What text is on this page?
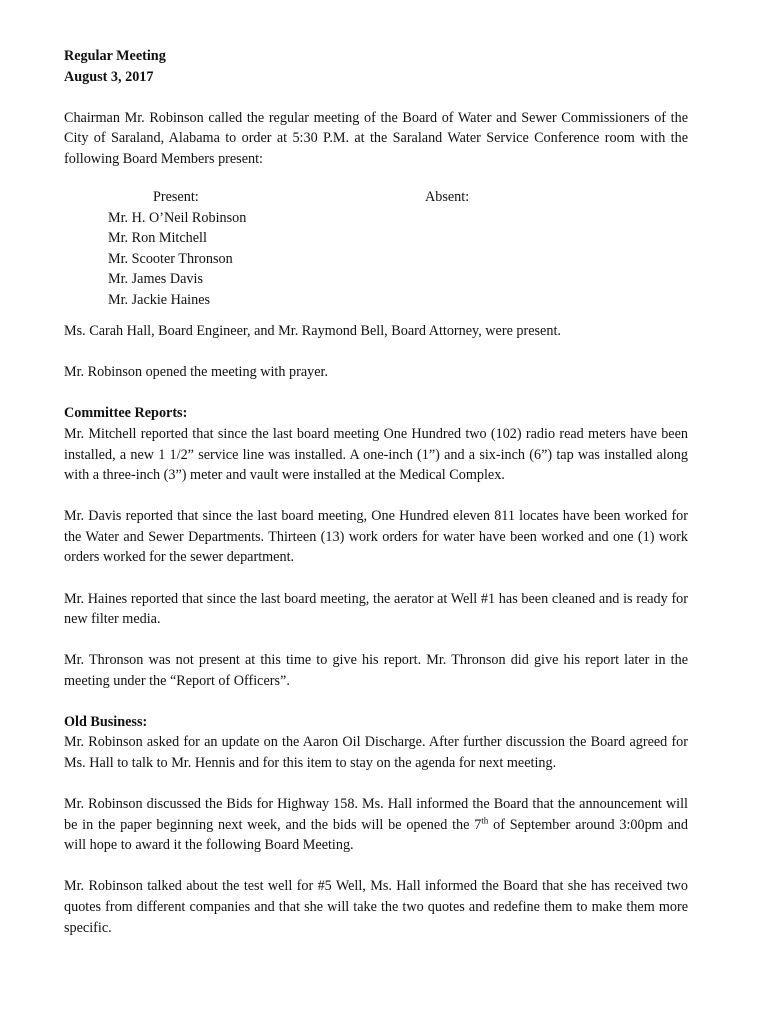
Regular Meeting
August 3, 2017

Chairman Mr. Robinson called the regular meeting of the Board of Water and Sewer Commissioners of the City of Saraland, Alabama to order at 5:30 P.M. at the Saraland Water Service Conference room with the following Board Members present:

Present:	Absent:
Mr. H. O’Neil Robinson
Mr. Ron Mitchell
Mr. Scooter Thronson
Mr. James Davis
Mr. Jackie Haines

Ms. Carah Hall, Board Engineer, and Mr. Raymond Bell, Board Attorney, were present.

Mr. Robinson opened the meeting with prayer.

Committee Reports:

Mr. Mitchell reported that since the last board meeting One Hundred two (102) radio read meters have been installed, a new 1 1/2” service line was installed. A one-inch (1”) and a six-inch (6”) tap was installed along with a three-inch (3”) meter and vault were installed at the Medical Complex.

Mr. Davis reported that since the last board meeting, One Hundred eleven 811 locates have been worked for the Water and Sewer Departments. Thirteen (13) work orders for water have been worked and one (1) work orders worked for the sewer department.

Mr. Haines reported that since the last board meeting, the aerator at Well #1 has been cleaned and is ready for new filter media.

Mr. Thronson was not present at this time to give his report. Mr. Thronson did give his report later in the meeting under the “Report of Officers”.

Old Business:

Mr. Robinson asked for an update on the Aaron Oil Discharge. After further discussion the Board agreed for Ms. Hall to talk to Mr. Hennis and for this item to stay on the agenda for next meeting.

Mr. Robinson discussed the Bids for Highway 158. Ms. Hall informed the Board that the announcement will be in the paper beginning next week, and the bids will be opened the 7th of September around 3:00pm and will hope to award it the following Board Meeting.

Mr. Robinson talked about the test well for #5 Well, Ms. Hall informed the Board that she has received two quotes from different companies and that she will take the two quotes and redefine them to make them more specific.
